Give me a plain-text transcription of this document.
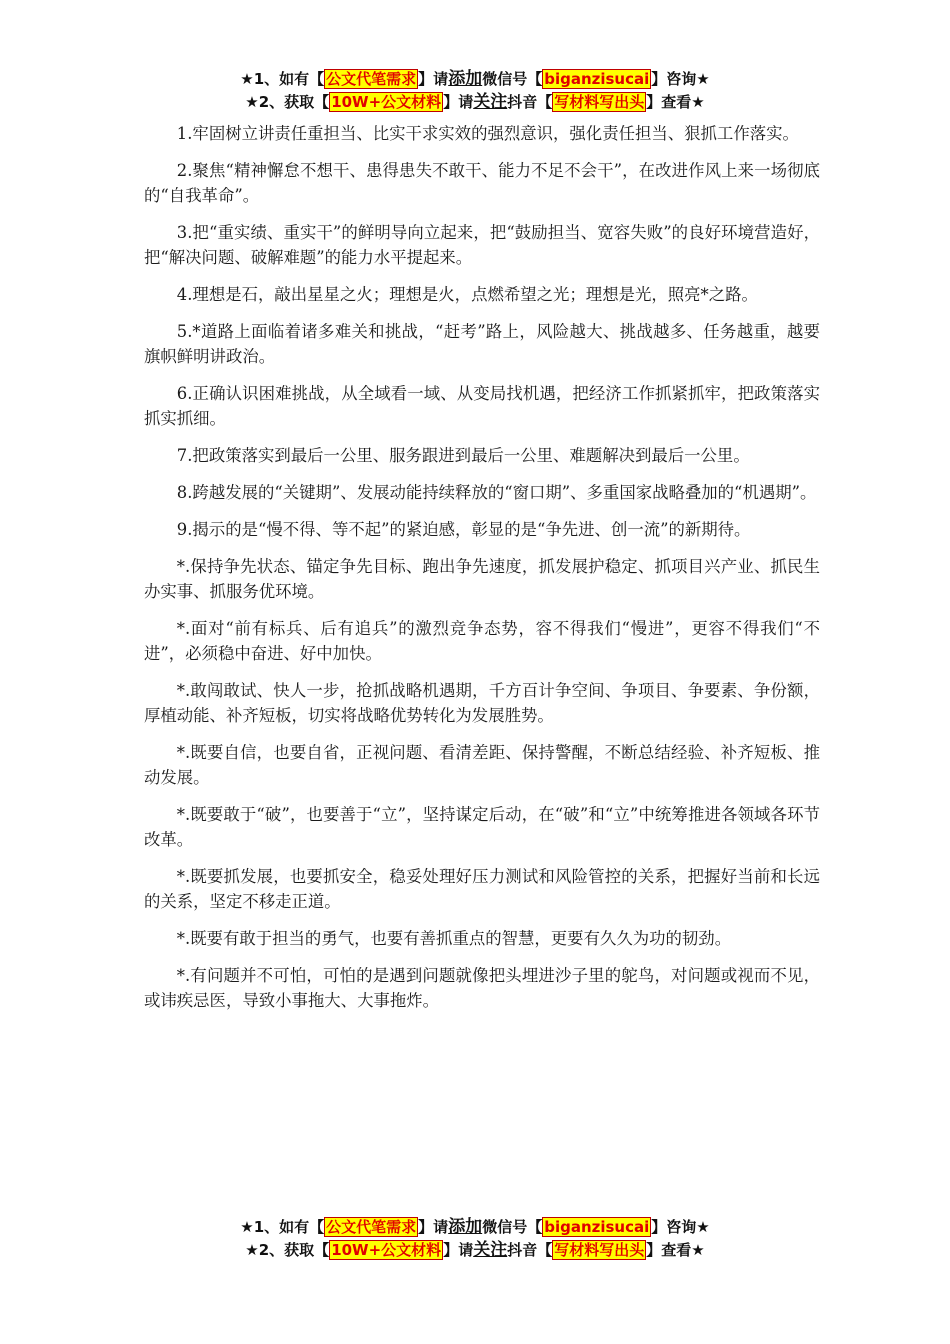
★1、如有【 公文代笔需求 】请添加微信号【 biganzisucai 】咨询★
★2、获取【 10W+公文材料 】请关注抖音【 写材料写出头 】查看★

1.牢固树立讲责任重担当、比实干求实效的强烈意识，强化责任担当、狠抓工作落实。

2.聚焦“精神懈怠不想干、患得患失不敢干、能力不足不会干”，在改进作风上来一场彻底的“自我革命”。

3.把“重实绩、重实干”的鲜明导向立起来，把“鼓励担当、宽容失败”的良好环境营造好，把“解决问题、破解难题”的能力水平提起来。

4.理想是石，敲出星星之火；理想是火，点燃希望之光；理想是光，照亮*之路。

5.*道路上面临着诸多难关和挑战，“赶考”路上，风险越大、挑战越多、任务越重，越要旗帜鲜明讲政治。

6.正确认识困难挑战，从全域看一域、从变局找机遇，把经济工作抓紧抓牢，把政策落实抓实抓细。

7.把政策落实到最后一公里、服务跟进到最后一公里、难题解决到最后一公里。

8.跨越发展的“关键期”、发展动能持续释放的“窗口期”、多重国家战略叠加的“机遇期”。

9.揭示的是“慢不得、等不起”的紧迫感，彰显的是“争先进、创一流”的新期待。

*.保持争先状态、锚定争先目标、跑出争先速度，抓发展护稳定、抓项目兴产业、抓民生办实事、抓服务优环境。

*.面对“前有标兵、后有追兵”的激烈竞争态势，容不得我们“慢进”，更容不得我们“不进”，必须稳中奋进、好中加快。

*.敢闯敢试、快人一步，抢抓战略机遇期，千方百计争空间、争项目、争要素、争份额，厚植动能、补齐短板，切实将战略优势转化为发展胜势。

*.既要自信，也要自省，正视问题、看清差距、保持警醒，不断总结经验、补齐短板、推动发展。

*.既要敢于“破”，也要善于“立”，坚持谋定后动，在“破”和“立”中统筹推进各领域各环节改革。

*.既要抓发展，也要抓安全，稳妥处理好压力测试和风险管控的关系，把握好当前和长远的关系，坚定不移走正道。

*.既要有敢于担当的勇气，也要有善抓重点的智慧，更要有久久为功的韧劲。

*.有问题并不可怕，可怕的是遇到问题就像把头埋进沙子里的鸵鸟，对问题或视而不见，或讳疾忌医，导致小事拖大、大事拖炸。

★1、如有【 公文代笔需求 】请添加微信号【 biganzisucai 】咨询★
★2、获取【 10W+公文材料 】请关注抖音【 写材料写出头 】查看★
